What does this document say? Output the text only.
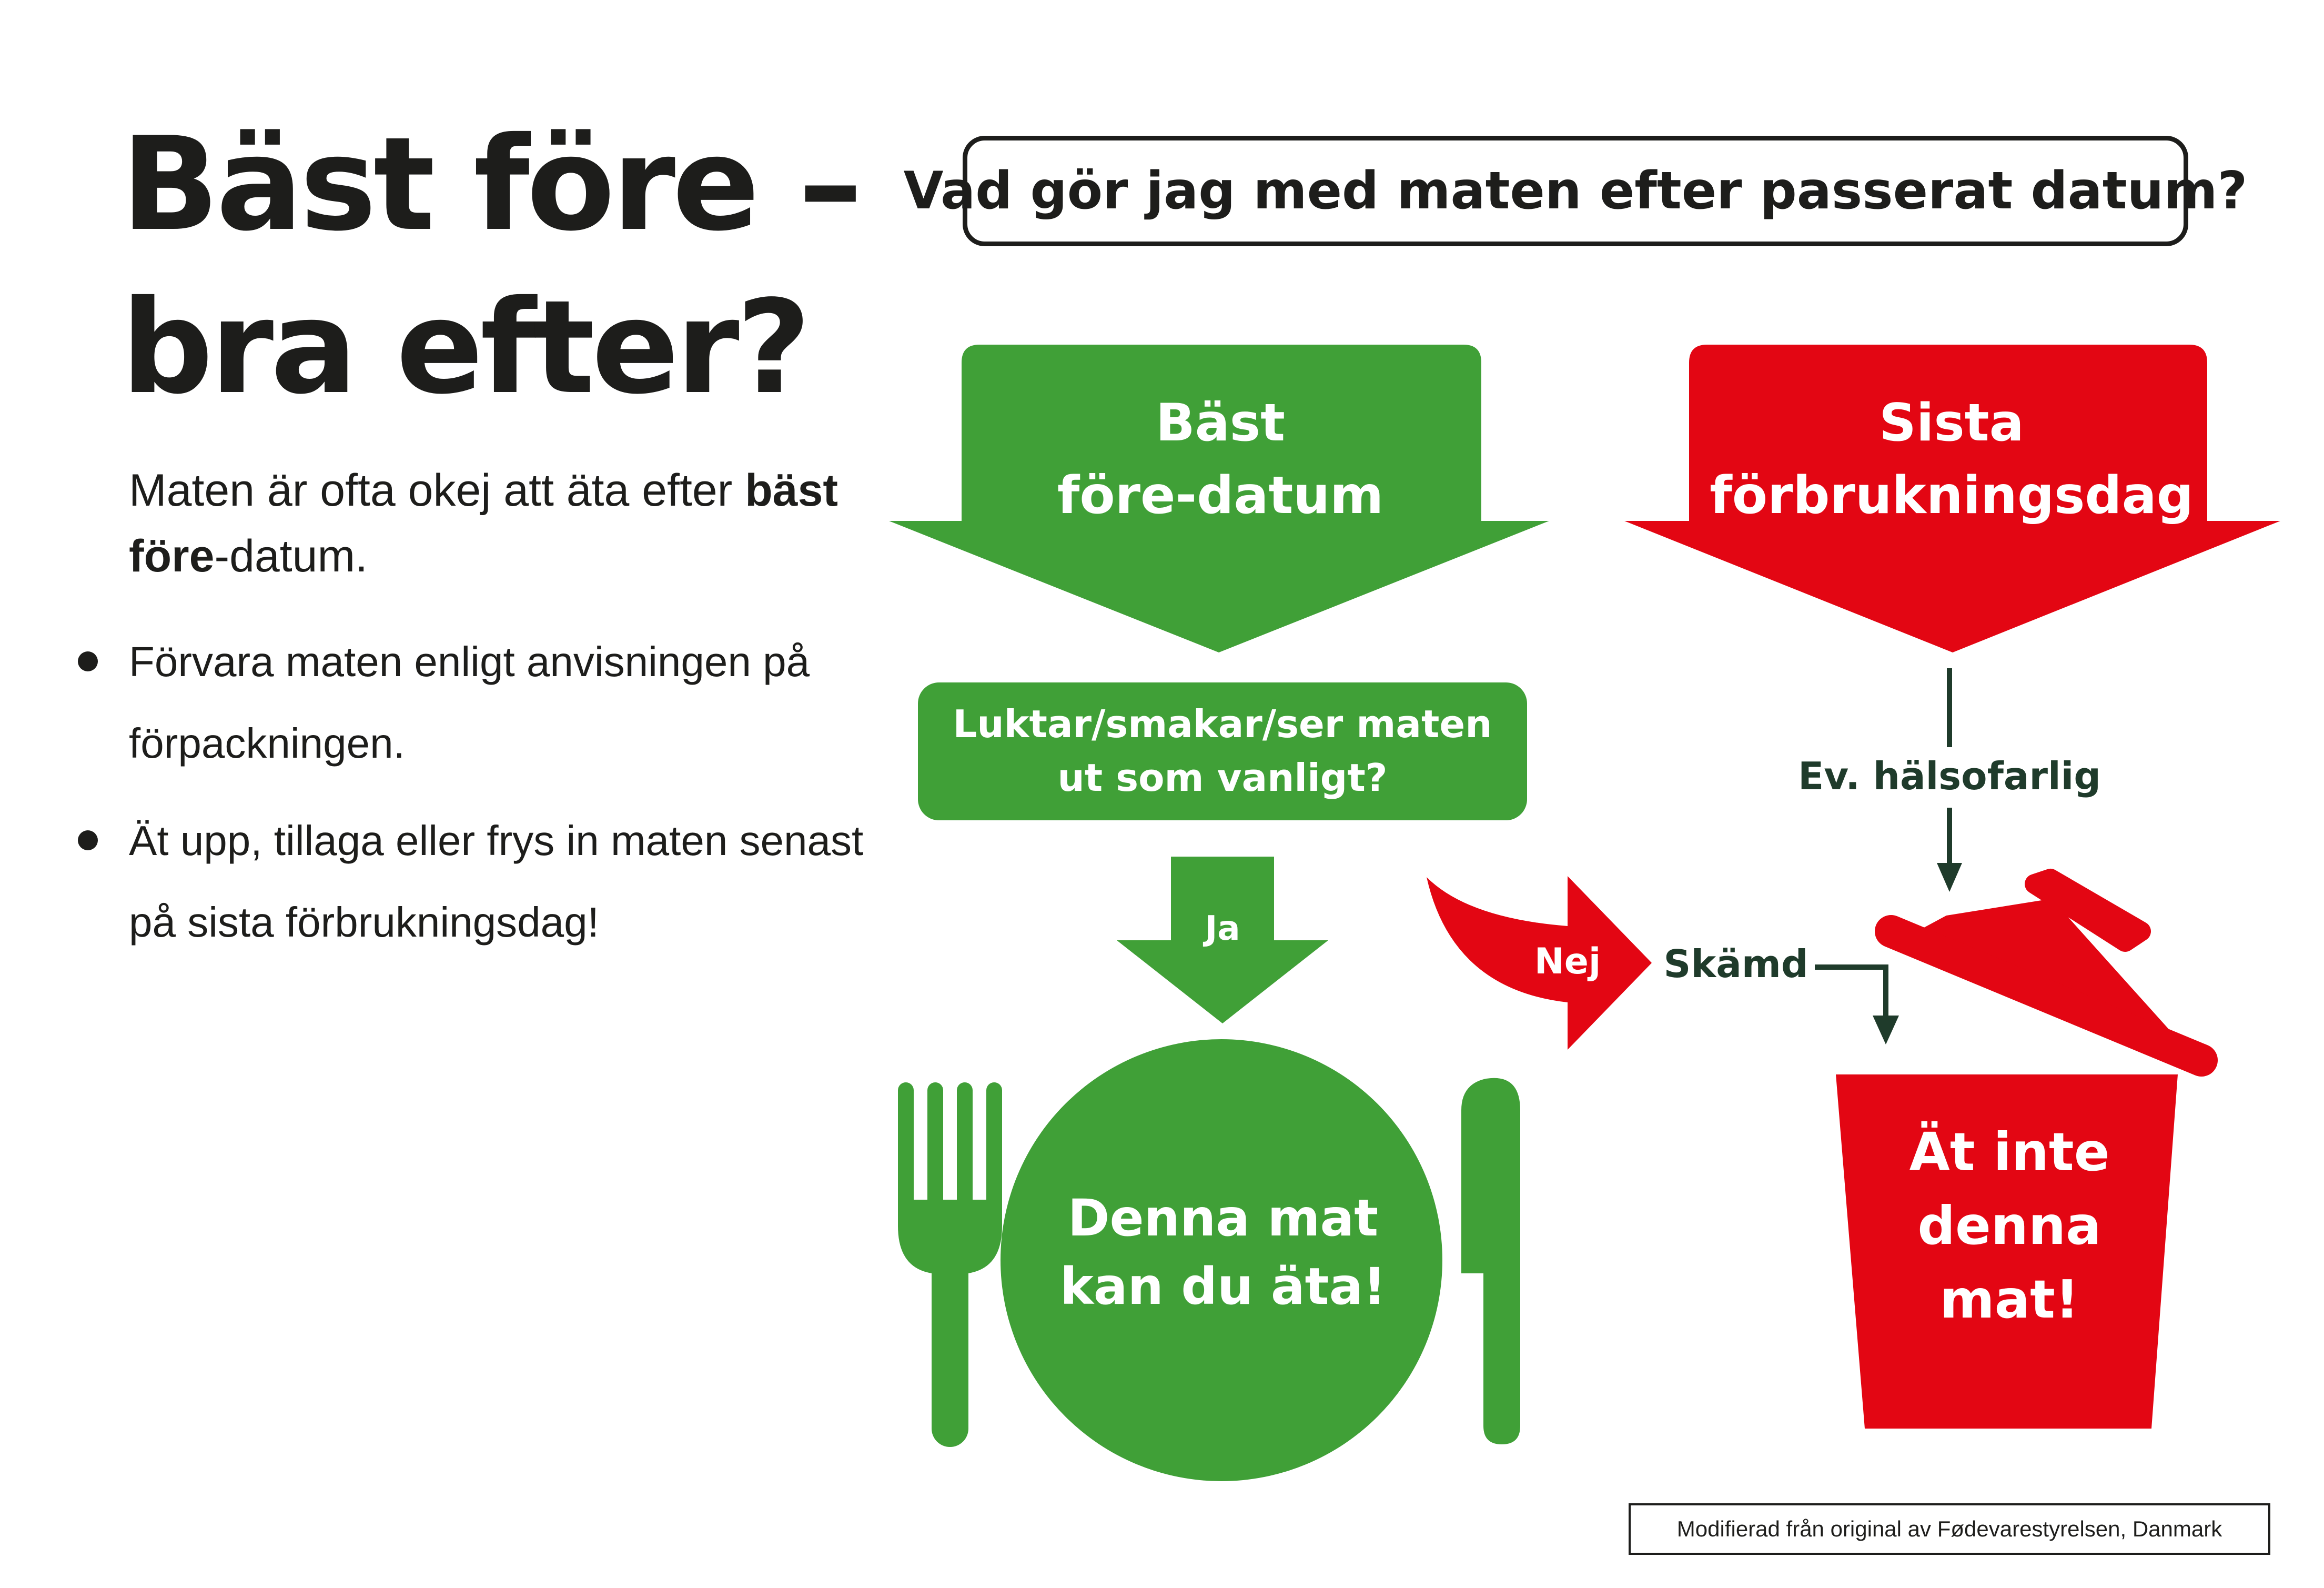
Bäst före –
bra efter?
Maten är ofta okej att äta efter bäst före-datum.
Förvara maten enligt anvisningen på förpackningen.
Ät upp, tillaga eller frys in maten senast på sista förbrukningsdag!
Vad gör jag med maten efter passerat datum?
Bäst
före-datum
Sista
förbrukningsdag
Luktar/smakar/ser maten
ut som vanligt?
Ja
Nej	Skämd
Ev. hälsofarlig
Denna mat
kan du äta!
Ät inte
denna
mat!
Modifierad från original av Fødevarestyrelsen, Danmark
